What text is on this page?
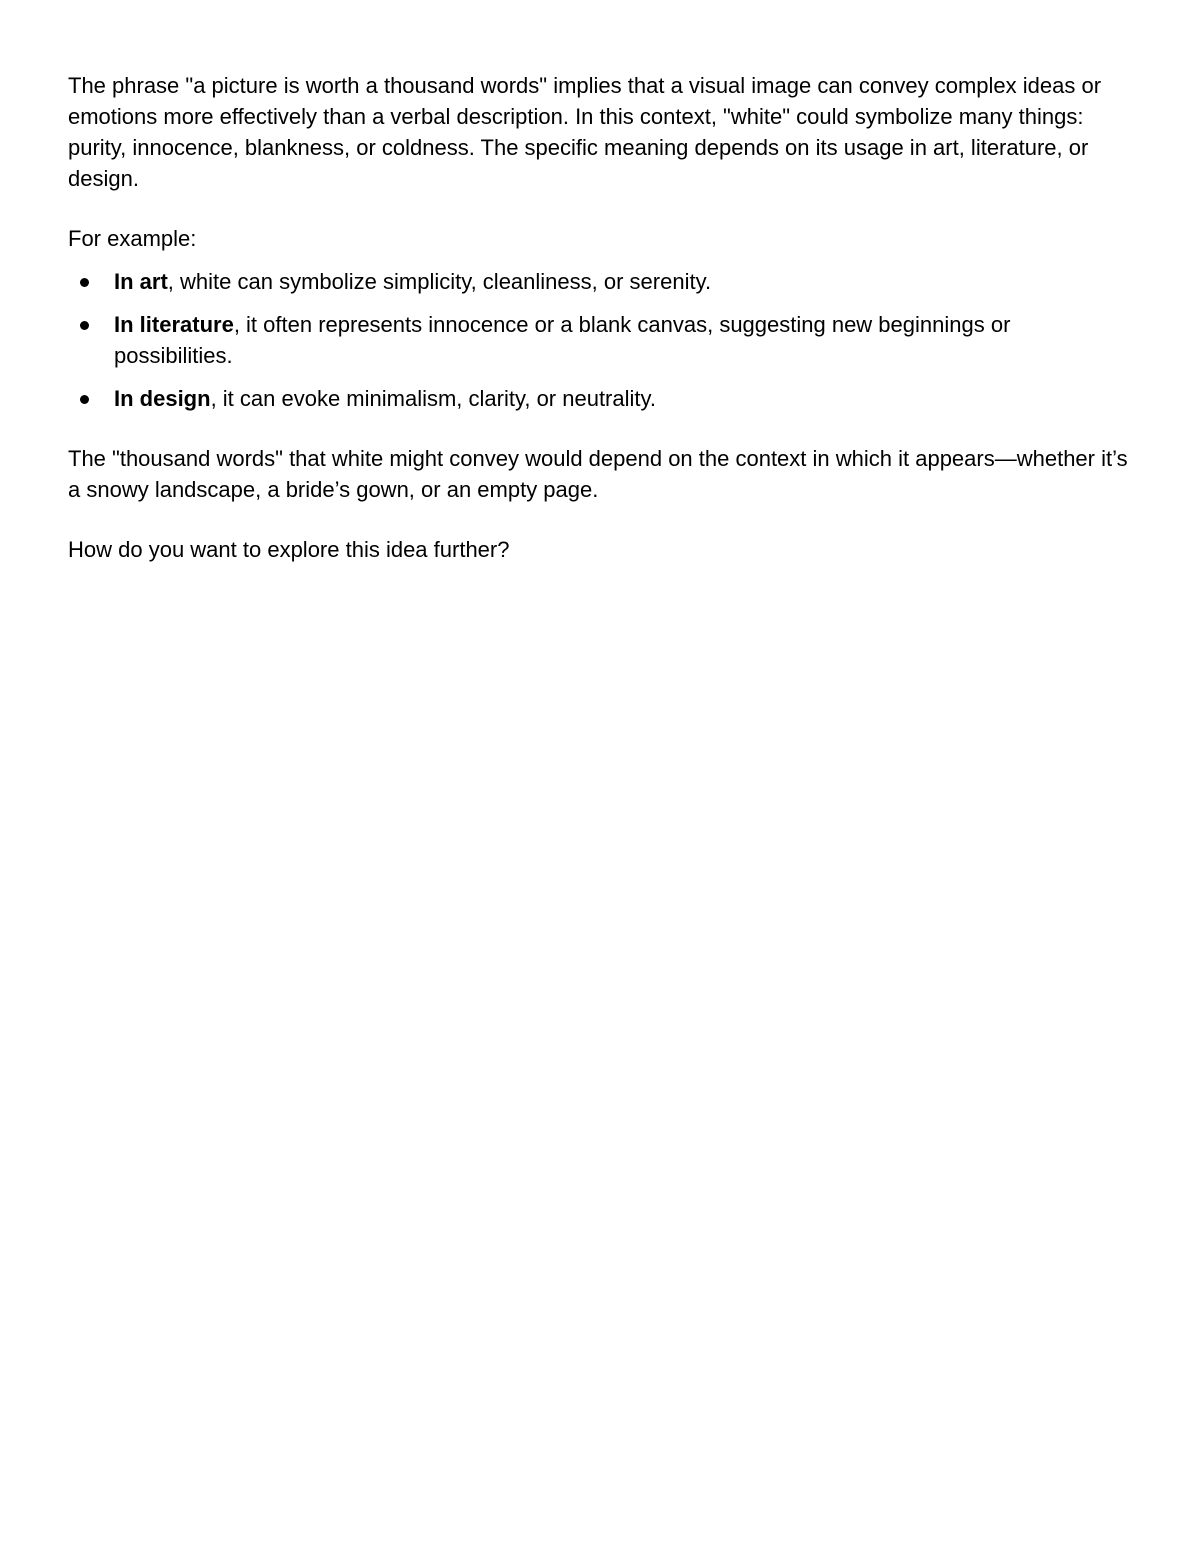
The phrase "a picture is worth a thousand words" implies that a visual image can convey complex ideas or emotions more effectively than a verbal description. In this context, "white" could symbolize many things: purity, innocence, blankness, or coldness. The specific meaning depends on its usage in art, literature, or design.

For example:

In art, white can symbolize simplicity, cleanliness, or serenity.
In literature, it often represents innocence or a blank canvas, suggesting new beginnings or possibilities.
In design, it can evoke minimalism, clarity, or neutrality.

The "thousand words" that white might convey would depend on the context in which it appears—whether it’s a snowy landscape, a bride’s gown, or an empty page.

How do you want to explore this idea further?
